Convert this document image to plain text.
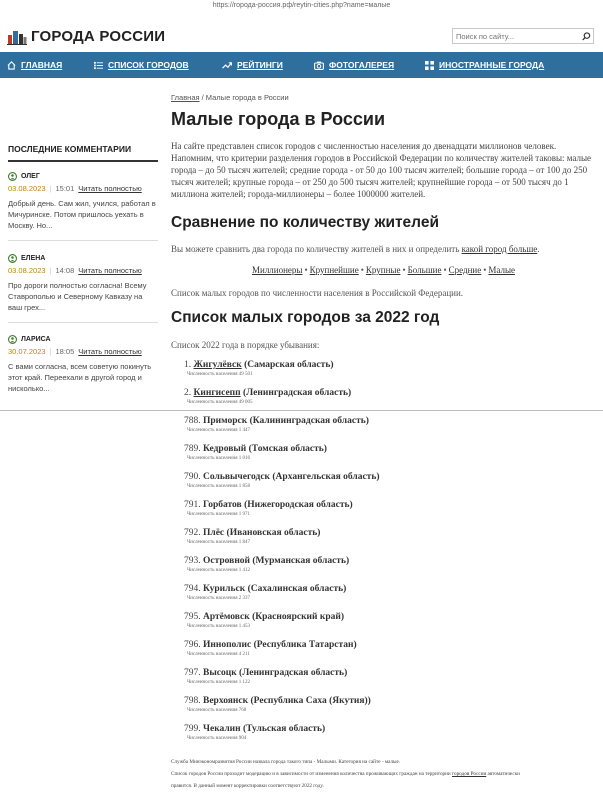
https://города-россия.рф/reytin-cities.php?name=малые
ГОРОДА РОССИИ
Поиск по сайту...
ГЛАВНАЯ	СПИСОК ГОРОДОВ	РЕЙТИНГИ	ФОТОГАЛЕРЕЯ	ИНОСТРАННЫЕ ГОРОДА
ПОСЛЕДНИЕ КОММЕНТАРИИ
ОЛЕГ
03.08.2023 | 15:01 Читать полностью
Добрый день. Сам жил, учился, работал в Мичуринске. Потом пришлось уехать в Москву. Но...
ЕЛЕНА
03.08.2023 | 14:08 Читать полностью
Про дороги полностью согласна! Всему Ставрополью и Северному Кавказу на ваш грех...
ЛАРИСА
30.07.2023 | 18:05 Читать полностью
С вами согласна, всем советую покинуть этот край. Переехали в другой город и нисколько...
Главная / Малые города в России
Малые города в России

На сайте представлен список городов с численностью населения до двенадцати миллионов человек. Напомним, что критерии разделения городов в Российской Федерации по количеству жителей таковы: малые города – до 50 тысяч жителей; средние города - от 50 до 100 тысяч жителей; большие города – от 100 до 250 тысяч жителей; крупные города – от 250 до 500 тысяч жителей; крупнейшие города – от 500 тысяч до 1 миллиона жителей; города-миллионеры – более 1000000 жителей.

Сравнение по количеству жителей

Вы можете сравнить два города по количеству жителей в них и определить какой город больше.

Миллионеры • Крупнейшие • Крупные • Большие • Средние • Малые

Список малых городов по численности населения в Российской Федерации.

Список малых городов за 2022 год

Список 2022 года в порядке убывания:

1. Жигулёвск (Самарская область)
Численность населения 49 501
2. Кингисепп (Ленинградская область)
Численность населения 49 005
788. Приморск (Калининградская область)
Численность населения 1 447
789. Кедровый (Томская область)
Численность населения 1 016
790. Сольвычегодск (Архангельская область)
Численность населения 1 858
791. Горбатов (Нижегородская область)
Численность населения 1 971
792. Плёс (Ивановская область)
Численность населения 1 847
793. Островной (Мурманская область)
Численность населения 1 412
794. Курильск (Сахалинская область)
Численность населения 2 337
795. Артёмовск (Красноярский край)
Численность населения 1 453
796. Иннополис (Республика Татарстан)
Численность населения 4 211
797. Высоцк (Ленинградская область)
Численность населения 1 122
798. Верхоянск (Республика Саха (Якутия))
Численность населения 768
799. Чекалин (Тульская область)
Численность населения 904
Служба Минэкономразвития России назвала города такого типа - Малыми. Категория на сайте - малые.
Список городов России проходит модерацию и в зависимости от изменения количества проживающих граждан на территории городов России автоматически
правится. В данный момент корректировки соответствуют 2022 году.
